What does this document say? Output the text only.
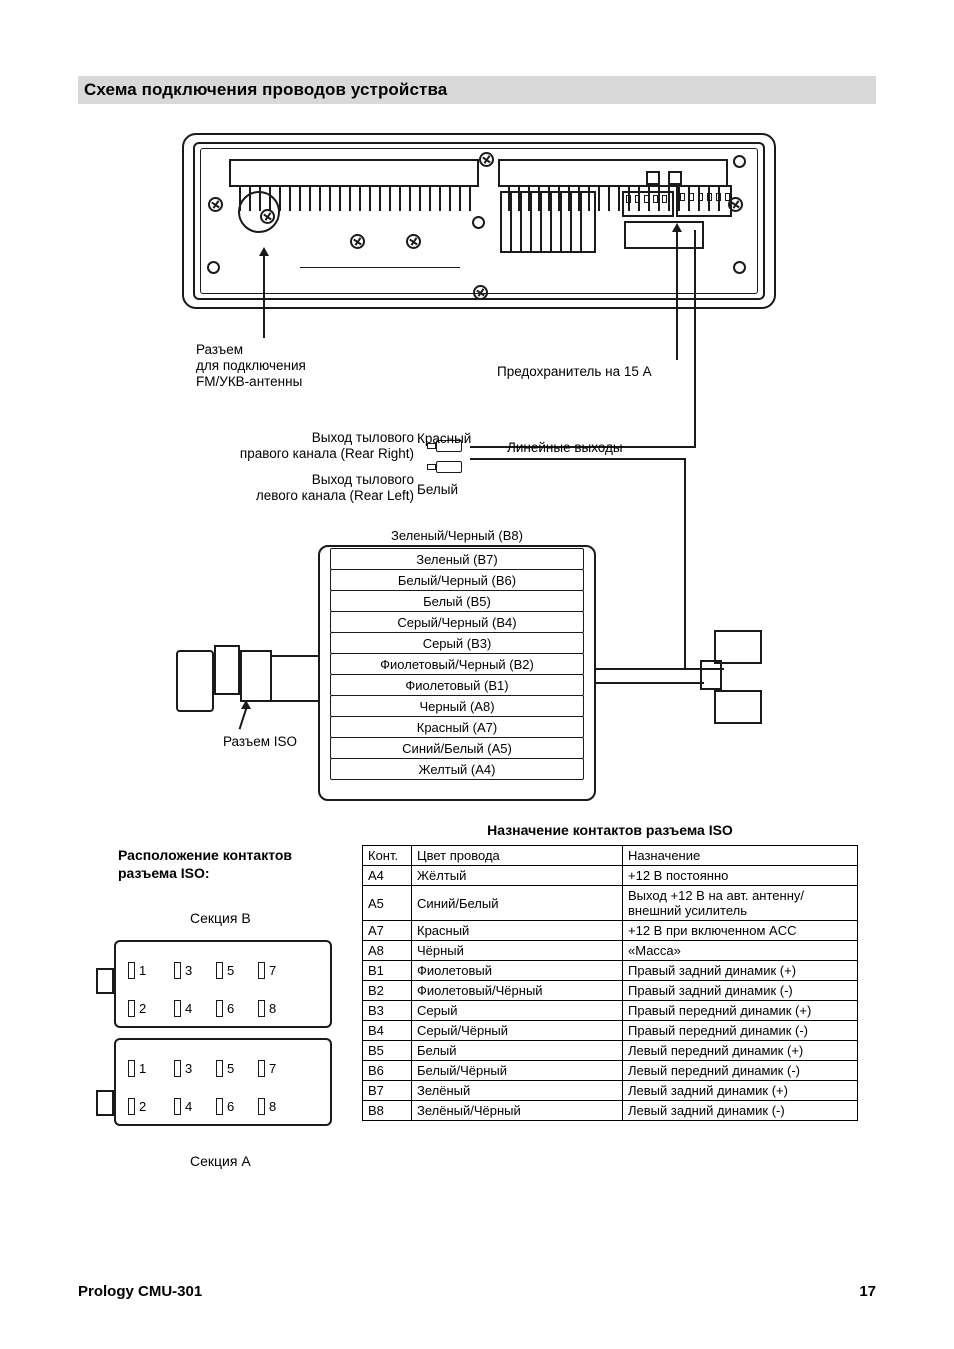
Схема подключения проводов устройства
Разъем
для подключения
FM/УКВ-антенны
Предохранитель на 15 А
Выход тылового
правого канала (Rear Right)
Выход тылового
левого канала (Rear Left)
Красный
Белый
Линейные выходы
Зеленый/Черный (B8)
Зеленый (B7)
Белый/Черный (B6)
Белый (B5)
Серый/Черный (B4)
Серый (B3)
Фиолетовый/Черный (B2)
Фиолетовый (B1)
Черный (A8)
Красный (A7)
Синий/Белый (A5)
Желтый (A4)
Разъем ISO
Расположение контактов
разъема ISO:
Секция B
1	3	5	7
2	4	6	8
1	3	5	7
2	4	6	8
Секция A
Назначение контактов разъема ISO
Конт.	Цвет провода	Назначение
A4	Жёлтый	+12 В постоянно
A5	Синий/Белый	Выход +12 В на авт. антенну/ внешний усилитель
A7	Красный	+12 В при включенном ACC
A8	Чёрный	«Масса»
B1	Фиолетовый	Правый задний динамик (+)
B2	Фиолетовый/Чёрный	Правый задний динамик (-)
B3	Серый	Правый передний динамик (+)
B4	Серый/Чёрный	Правый передний динамик (-)
B5	Белый	Левый передний динамик (+)
B6	Белый/Чёрный	Левый передний динамик (-)
B7	Зелёный	Левый задний динамик (+)
B8	Зелёный/Чёрный	Левый задний динамик (-)
Prology CMU-301	17
